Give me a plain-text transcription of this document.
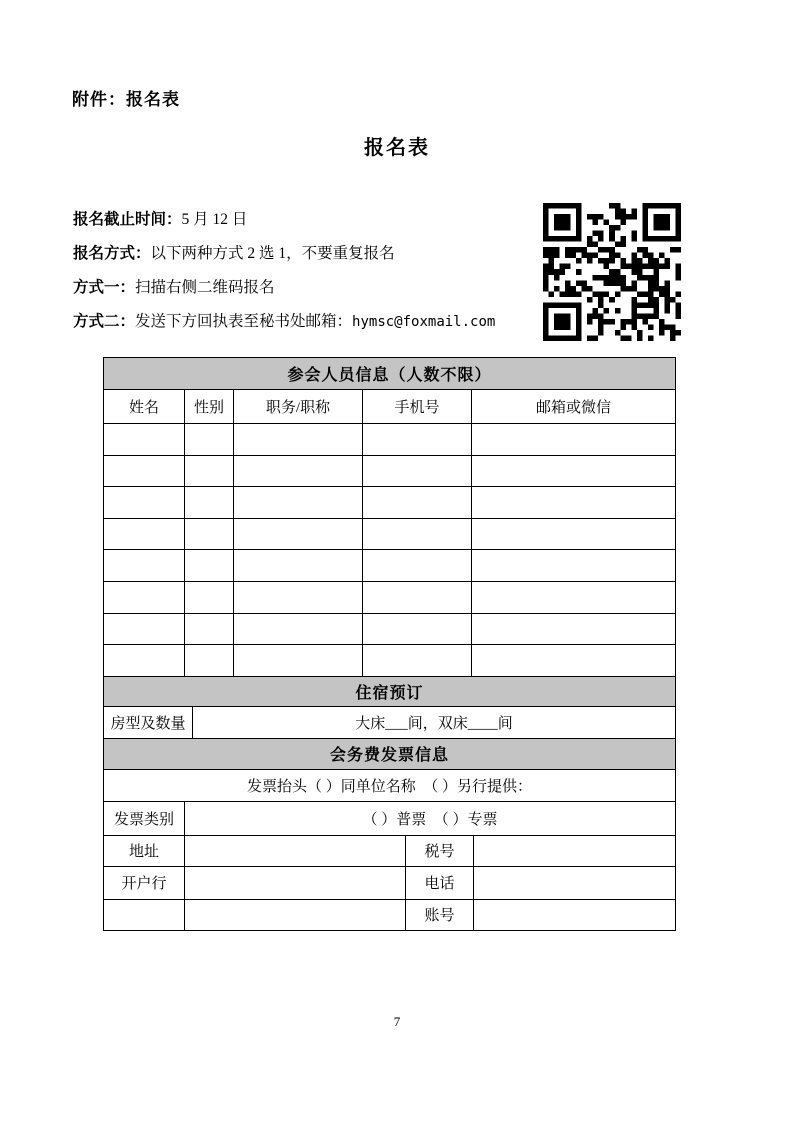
附件：报名表
报名表
报名截止时间：5 月 12 日
报名方式：以下两种方式 2 选 1，不要重复报名
方式一：扫描右侧二维码报名
方式二：发送下方回执表至秘书处邮箱：hymsc@foxmail.com
参会人员信息（人数不限）				
姓名	性别	职务/职称	手机号	邮箱或微信

住宿预订
房型及数量	大床___间，双床____间
会务费发票信息			
发票抬头（ ）同单位名称　（ ）另行提供：			
发票类别	（ ）普票　（ ）专票		
地址		税号	
开户行		电话	
		账号	
7
